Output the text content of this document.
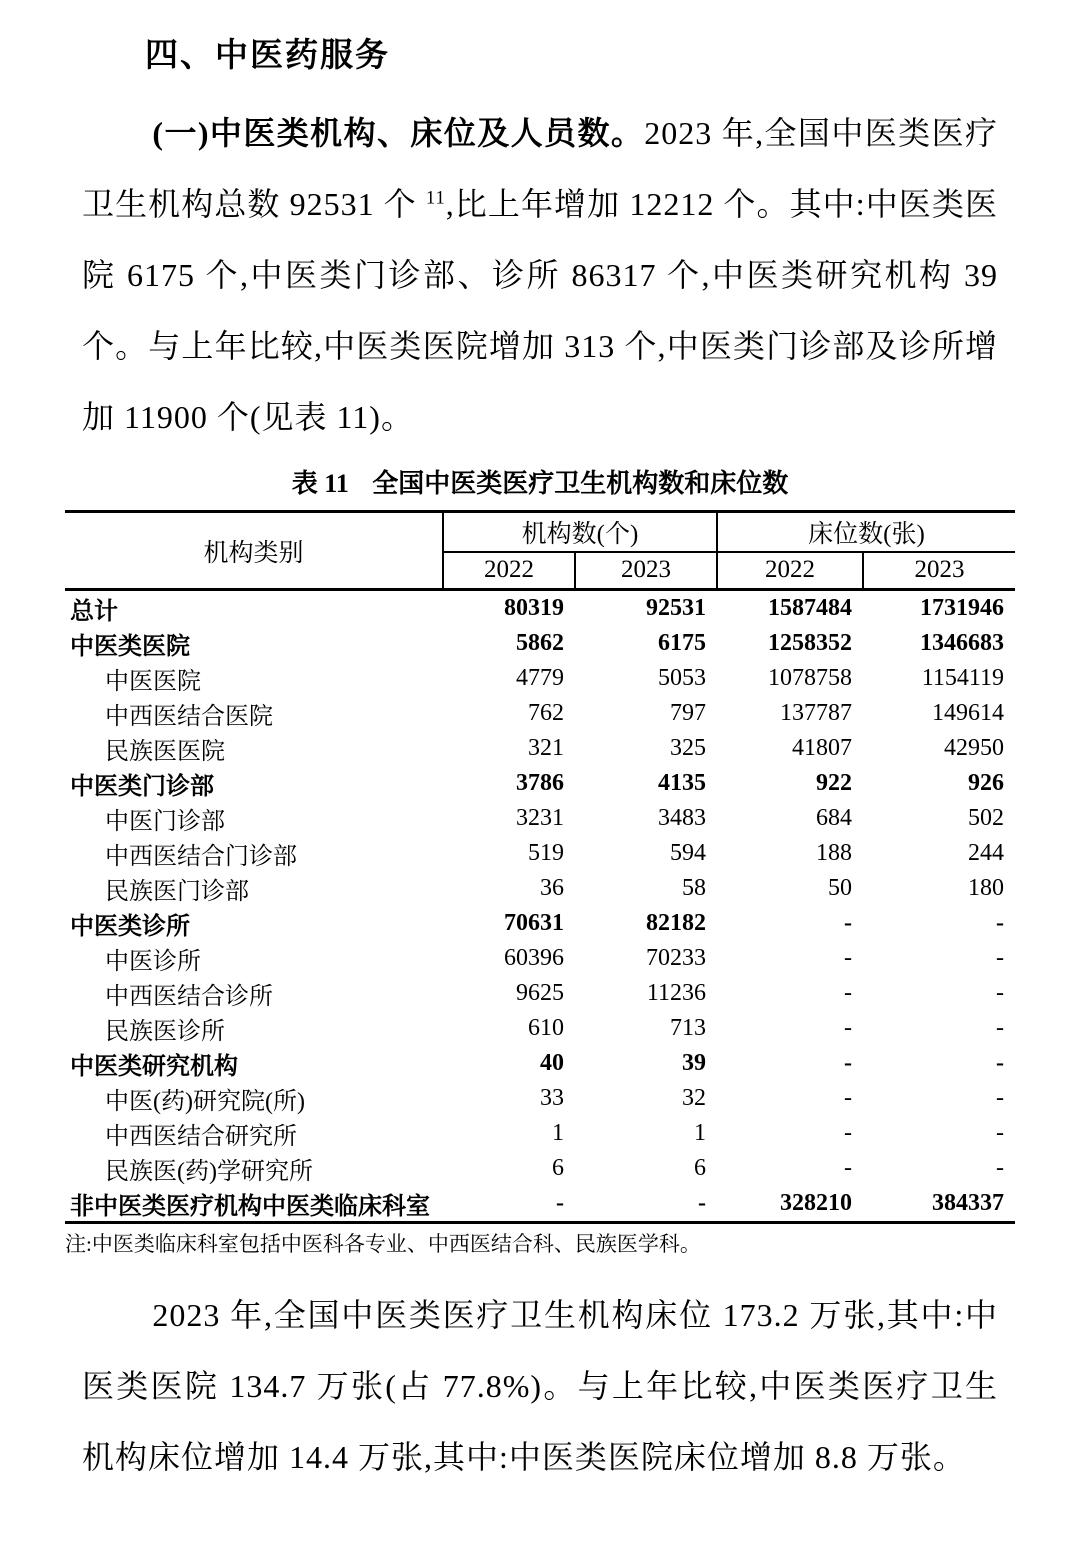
四、中医药服务

(一)中医类机构、床位及人员数。2023 年,全国中医类医疗卫生机构总数 92531 个 $^{11}$,比上年增加 12212 个。其中:中医类医院 6175 个,中医类门诊部、诊所 86317 个,中医类研究机构 39 个。与上年比较,中医类医院增加 313 个,中医类门诊部及诊所增加 11900 个(见表 11)。

表 11 全国中医类医疗卫生机构数和床位数
机构类别	机构数(个)		床位数(张)	
	2022	2023	2022	2023
总计	80319	92531	1587484	1731946
中医类医院	5862	6175	1258352	1346683
中医医院	4779	5053	1078758	1154119
中西医结合医院	762	797	137787	149614
民族医医院	321	325	41807	42950
中医类门诊部	3786	4135	922	926
中医门诊部	3231	3483	684	502
中西医结合门诊部	519	594	188	244
民族医门诊部	36	58	50	180
中医类诊所	70631	82182	-	-
中医诊所	60396	70233	-	-
中西医结合诊所	9625	11236	-	-
民族医诊所	610	713	-	-
中医类研究机构	40	39	-	-
中医(药)研究院(所)	33	32	-	-
中西医结合研究所	1	1	-	-
民族医(药)学研究所	6	6	-	-
非中医类医疗机构中医类临床科室	-	-	328210	384337
注:中医类临床科室包括中医科各专业、中西医结合科、民族医学科。

2023 年,全国中医类医疗卫生机构床位 173.2 万张,其中:中医类医院 134.7 万张(占 77.8%)。与上年比较,中医类医疗卫生机构床位增加 14.4 万张,其中:中医类医院床位增加 8.8 万张。
